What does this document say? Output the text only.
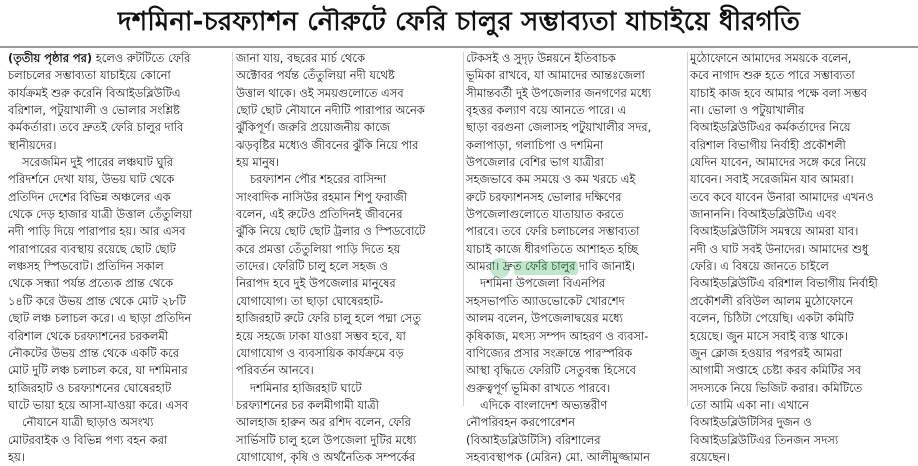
দশমিনা-চরফ্যাশন নৌরুটে ফেরি চালুর সম্ভাব্যতা যাচাইয়ে ধীরগতি
(তৃতীয় পৃষ্ঠার পর) হলেও রুটটিতে ফেরি
চলাচলের সম্ভাব্যতা যাচাইয়ে কোনো
কার্যক্রমই শুরু করেনি বিআইডব্লিউটিএ
বরিশাল, পটুয়াখালী ও ভোলার সংশ্লিষ্ট
কর্মকর্তারা। তবে দ্রুতই ফেরি চালুর দাবি
স্থানীয়দের।
সরেজমিন দুই পারের লঞ্চঘাট ঘুরি
পরিদর্শনে দেখা যায়, উভয় ঘাট থেকে
প্রতিদিন দেশের বিভিন্ন অঞ্চলের এক
থেকে দেড় হাজার যাত্রী উত্তাল তেঁতুলিয়া
নদী পাড়ি দিয়ে পারাপার হয়। আর এসব
পারাপারের ব্যবস্থায় রয়েছে ছোট ছোট
লঞ্চসহ স্পিডবোট। প্রতিদিন সকাল
থেকে সন্ধ্যা পর্যন্ত প্রত্যেক প্রান্ত থেকে
১৪টি করে উভয় প্রান্ত থেকে মোট ২৮টি
ছোট লঞ্চ চলাচল করে। এ ছাড়া প্রতিদিন
বরিশাল থেকে চরফ্যাশনের চরকলমী
নৌকটের উভয় প্রান্ত থেকে একটি করে
মোট দুটি লঞ্চ চলাচল করে, যা দশমিনার
হাজিরহাট ও চরফ্যাশনের ঘোষেরহাট
ঘাটে ভায়া হয়ে আসা-যাওয়া করে। এসব
নৌযানে যাত্রী ছাড়াও অসংখ্য
মোটরবাইক ও বিভিন্ন পণ্য বহন করা
হয়।
জানা যায়, বছরের মার্চ থেকে
অক্টোবর পর্যন্ত তেঁতুলিয়া নদী যথেষ্ট
উত্তাল থাকে। ওই সময়গুলোতে এসব
ছোট ছোট নৌযানে নদীটি পারাপার অনেক
ঝুঁকিপূর্ণ। জরুরি প্রয়োজনীয় কাজে
ঝড়বৃষ্টির মধ্যেও জীবনের ঝুঁকি নিয়ে পার
হয় মানুষ।
চরফ্যাশন পৌর শহরের বাসিন্দা
সাংবাদিক নাসিউর রহমান শিপু ফরাজী
বলেন, এই রুটেও প্রতিদিনই জীবনের
ঝুঁকি নিয়ে ছোট ছোট ট্রলার ও স্পিডবোটে
করে প্রমত্তা তেঁতুলিয়া পাড়ি দিতে হয়
তাদের। ফেরিটি চালু হলে সহজ ও
নিরাপদ হবে দুই উপজেলার মানুষের
যোগাযোগ। তা ছাড়া ঘোষেরহাট-
হাজিরহাট রুটে ফেরি চালু হলে পদ্মা সেতু
হয়ে সহজে ঢাকা যাওয়া সম্ভব হবে, যা
যোগাযোগ ও ব্যবসায়িক কার্যক্রমে বড়
পরিবর্তন আনবে।
দশমিনার হাজিরহাট ঘাটে
চরফ্যাশনের চর কলমীগামী যাত্রী
আলহাজ হারুন অর রশিদ বলেন, ফেরি
সার্ভিসটি চালু হলে উপজেলা দুটির মধ্যে
যোগাযোগ, কৃষি ও অর্থনৈতিক সম্পর্কের
টেকসই ও সুদৃঢ় উন্নয়নে ইতিবাচক
ভূমিকা রাখবে, যা আমাদের আন্তঃজেলা
সীমান্তবর্তী দুই উপজেলার জনগণের মধ্যে
বৃহত্তর কল্যাণ বয়ে আনতে পারে। এ
ছাড়া বরগুনা জেলাসহ পটুয়াখালীর সদর,
কলাপাড়া, গলাচিপা ও দশমিনা
উপজেলার বেশির ভাগ যাত্রীরা
সহজভাবে কম সময়ে ও কম খরচে এই
রুটে চরফ্যাশনসহ ভোলার দক্ষিণের
উপজেলাগুলোতে যাতায়াত করতে
পারবে। তবে ফেরি চলাচলের সম্ভাব্যতা
যাচাই কাজে ধীরগতিতে আশাহত হচ্ছি
আমরা। দ্রুত ফেরি চালুর দাবি জানাই।
দশমিনা উপজেলা বিএনপির
সহসভাপতি অ্যাডভোকেট খোরশেদ
আলম বলেন, উপজেলাদ্বয়ের মধ্যে
কৃষিকাজ, মৎস্য সম্পদ আহরণ ও ব্যবসা-
বাণিজ্যের প্রসার সংক্রান্তে পারস্পরিক
আস্থা বৃদ্ধিতে ফেরিটি সেতুবন্ধ হিসেবে
গুরুত্বপূর্ণ ভূমিকা রাখতে পারবে।
এদিকে বাংলাদেশ অভ্যন্তরীণ
নৌপরিবহন করপোরেশন
(বিআইডব্লিউটিসি) বরিশালের
সহব্যবস্থাপক (মেরিন) মো. আলীমুজ্জামান
মুঠোফোনে আমাদের সময়কে বলেন,
কবে নাগাদ শুরু হতে পারে সম্ভাব্যতা
যাচাই কাজ হবে আমার পক্ষে বলা সম্ভব
না। ভোলা ও পটুয়াখালীর
বিআইডব্লিউটিএর কর্মকর্তাদের নিয়ে
বরিশাল বিভাগীয় নির্বাহী প্রকৌশলী
যেদিন যাবেন, আমাদের সঙ্গে করে নিয়ে
যাবেন। সবাই সরেজমিন যাব আমরা।
তবে কবে যাবেন উনারা আমাদের এখনও
জানাননি। বিআইডব্লিউটিএ এবং
বিআইডব্লিউটিসি সমন্বয়ে আমরা যাব।
নদী ও ঘাট সবই উনাদের। আমাদের শুধু
ফেরি। এ বিষয়ে জানতে চাইলে
বিআইডব্লিউটিএ বরিশাল বিভাগীয় নির্বাহী
প্রকৌশলী রবিউল আলম মুঠোফোনে
বলেন, চিঠিটা পেয়েছি। একটা কমিটি
হয়েছে। জুন মাসে সবাই ব্যস্ত থাকে।
জুন ক্লোজ হওয়ার পরপরই আমরা
আগামী সপ্তাহে চেষ্টা করব কমিটির সব
সদস্যকে নিয়ে ভিজিট করার। কমিটিতে
তো আমি একা না। এখানে
বিআইডব্লিউটিসির দুজন ও
বিআইডব্লিউটিএর তিনজন সদস্য
রয়েছেন।
